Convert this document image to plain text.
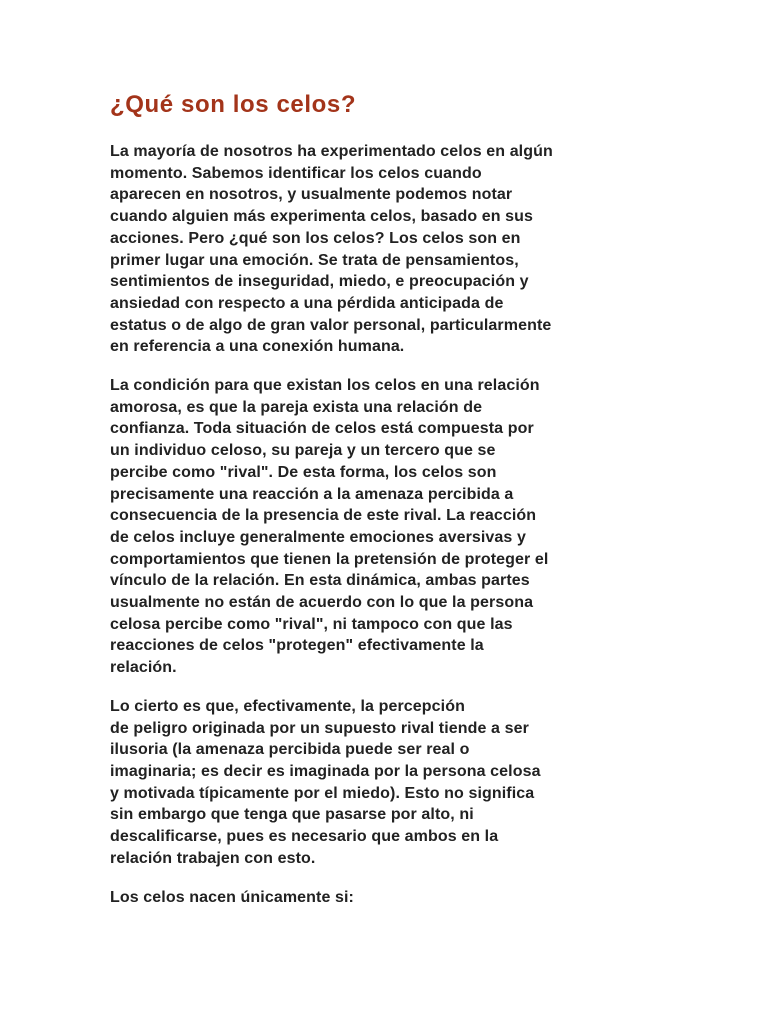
¿Qué son los celos?

La mayoría de nosotros ha experimentado celos en algún
momento. Sabemos identificar los celos cuando
aparecen en nosotros, y usualmente podemos notar
cuando alguien más experimenta celos, basado en sus
acciones. Pero ¿qué son los celos? Los celos son en
primer lugar una emoción. Se trata de pensamientos,
sentimientos de inseguridad, miedo, e preocupación y
ansiedad con respecto a una pérdida anticipada de
estatus o de algo de gran valor personal, particularmente
en referencia a una conexión humana.

La condición para que existan los celos en una relación
amorosa, es que la pareja exista una relación de
confianza. Toda situación de celos está compuesta por
un individuo celoso, su pareja y un tercero que se
percibe como "rival". De esta forma, los celos son
precisamente una reacción a la amenaza percibida a
consecuencia de la presencia de este rival. La reacción
de celos incluye generalmente emociones aversivas y
comportamientos que tienen la pretensión de proteger el
vínculo de la relación. En esta dinámica, ambas partes
usualmente no están de acuerdo con lo que la persona
celosa percibe como "rival", ni tampoco con que las
reacciones de celos "protegen" efectivamente la
relación.

Lo cierto es que, efectivamente, la percepción
de peligro originada por un supuesto rival tiende a ser
ilusoria (la amenaza percibida puede ser real o
imaginaria; es decir es imaginada por la persona celosa
y motivada típicamente por el miedo). Esto no significa
sin embargo que tenga que pasarse por alto, ni
descalificarse, pues es necesario que ambos en la
relación trabajen con esto.

Los celos nacen únicamente si:
